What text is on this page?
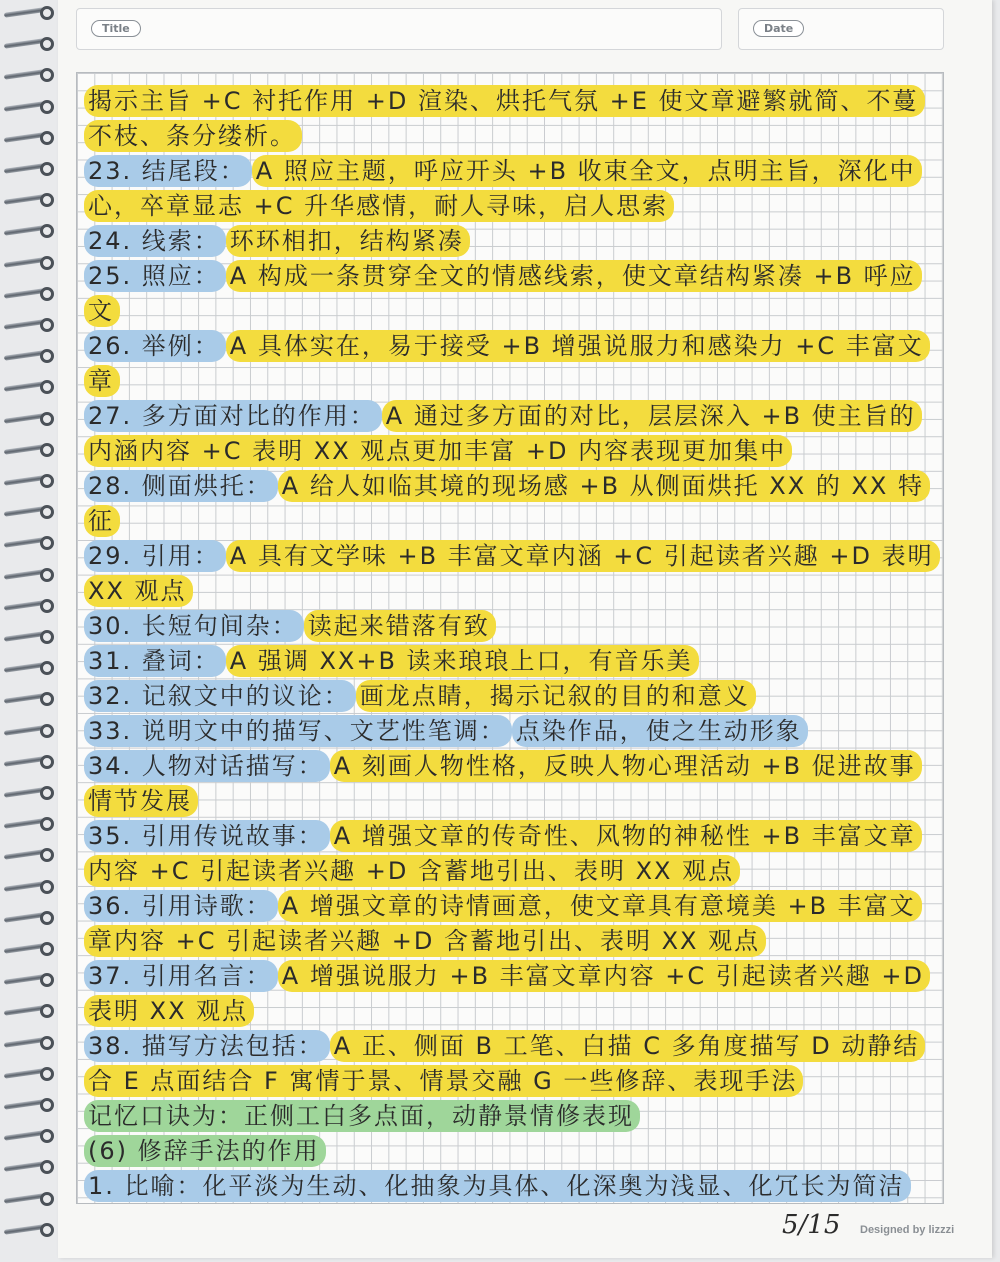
Title	Date
揭示主旨 +C 衬托作用 +D 渲染、烘托气氛 +E 使文章避繁就简、不蔓
不枝、条分缕析。
23. 结尾段： A 照应主题，呼应开头 +B 收束全文，点明主旨，深化中
心，卒章显志 +C 升华感情，耐人寻味，启人思索
24. 线索： 环环相扣，结构紧凑
25. 照应： A 构成一条贯穿全文的情感线索，使文章结构紧凑 +B 呼应
文
26. 举例： A 具体实在，易于接受 +B 增强说服力和感染力 +C 丰富文
章
27. 多方面对比的作用： A 通过多方面的对比，层层深入 +B 使主旨的
内涵内容 +C 表明 XX 观点更加丰富 +D 内容表现更加集中
28. 侧面烘托： A 给人如临其境的现场感 +B 从侧面烘托 XX 的 XX 特
征
29. 引用： A 具有文学味 +B 丰富文章内涵 +C 引起读者兴趣 +D 表明
XX 观点
30. 长短句间杂： 读起来错落有致
31. 叠词： A 强调 XX+B 读来琅琅上口，有音乐美
32. 记叙文中的议论： 画龙点睛，揭示记叙的目的和意义
33. 说明文中的描写、文艺性笔调： 点染作品，使之生动形象
34. 人物对话描写： A 刻画人物性格，反映人物心理活动 +B 促进故事
情节发展
35. 引用传说故事： A 增强文章的传奇性、风物的神秘性 +B 丰富文章
内容 +C 引起读者兴趣 +D 含蓄地引出、表明 XX 观点
36. 引用诗歌： A 增强文章的诗情画意，使文章具有意境美 +B 丰富文
章内容 +C 引起读者兴趣 +D 含蓄地引出、表明 XX 观点
37. 引用名言： A 增强说服力 +B 丰富文章内容 +C 引起读者兴趣 +D
表明 XX 观点
38. 描写方法包括： A 正、侧面 B 工笔、白描 C 多角度描写 D 动静结
合 E 点面结合 F 寓情于景、情景交融 G 一些修辞、表现手法
记忆口诀为：正侧工白多点面，动静景情修表现
(6) 修辞手法的作用
1. 比喻：化平淡为生动、化抽象为具体、化深奥为浅显、化冗长为简洁
5/15 Designed by lizzzi
